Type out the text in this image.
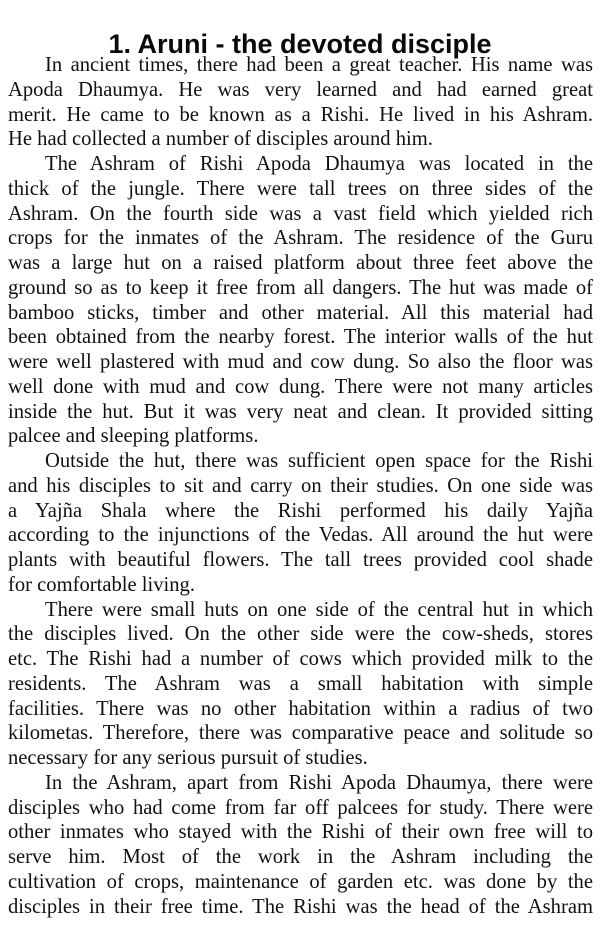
1. Aruni - the devoted disciple
In ancient times, there had been a great teacher. His name was
Apoda Dhaumya. He was very learned and had earned great
merit. He came to be known as a Rishi. He lived in his Ashram.
He had collected a number of disciples around him.
The Ashram of Rishi Apoda Dhaumya was located in the
thick of the jungle. There were tall trees on three sides of the
Ashram. On the fourth side was a vast field which yielded rich
crops for the inmates of the Ashram. The residence of the Guru
was a large hut on a raised platform about three feet above the
ground so as to keep it free from all dangers. The hut was made of
bamboo sticks, timber and other material. All this material had
been obtained from the nearby forest. The interior walls of the hut
were well plastered with mud and cow dung. So also the floor was
well done with mud and cow dung. There were not many articles
inside the hut. But it was very neat and clean. It provided sitting
palcee and sleeping platforms.
Outside the hut, there was sufficient open space for the Rishi
and his disciples to sit and carry on their studies. On one side was
a Yajña Shala where the Rishi performed his daily Yajña
according to the injunctions of the Vedas. All around the hut were
plants with beautiful flowers. The tall trees provided cool shade
for comfortable living.
There were small huts on one side of the central hut in which
the disciples lived. On the other side were the cow-sheds, stores
etc. The Rishi had a number of cows which provided milk to the
residents. The Ashram was a small habitation with simple
facilities. There was no other habitation within a radius of two
kilometas. Therefore, there was comparative peace and solitude so
necessary for any serious pursuit of studies.
In the Ashram, apart from Rishi Apoda Dhaumya, there were
disciples who had come from far off palcees for study. There were
other inmates who stayed with the Rishi of their own free will to
serve him. Most of the work in the Ashram including the
cultivation of crops, maintenance of garden etc. was done by the
disciples in their free time. The Rishi was the head of the Ashram
